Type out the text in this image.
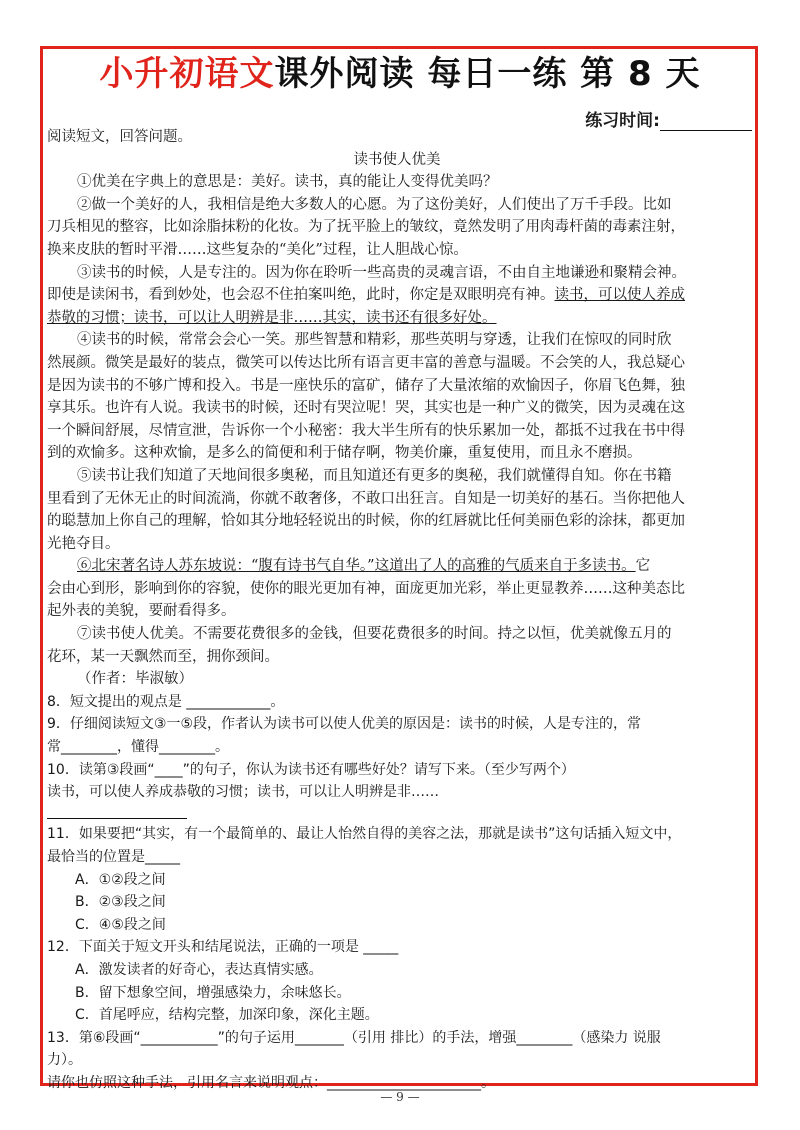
小升初语文课外阅读 每日一练 第 8 天
练习时间:
阅读短文，回答问题。
读书使人优美
①优美在字典上的意思是：美好。读书，真的能让人变得优美吗？
②做一个美好的人，我相信是绝大多数人的心愿。为了这份美好，人们使出了万千手段。比如
刀兵相见的整容，比如涂脂抹粉的化妆。为了抚平脸上的皱纹，竟然发明了用肉毒杆菌的毒素注射，
换来皮肤的暂时平滑……这些复杂的“美化”过程，让人胆战心惊。
③读书的时候，人是专注的。因为你在聆听一些高贵的灵魂言语，不由自主地谦逊和聚精会神。
即使是读闲书，看到妙处，也会忍不住拍案叫绝，此时，你定是双眼明亮有神。读书，可以使人养成
恭敬的习惯；读书，可以让人明辨是非……其实，读书还有很多好处。
④读书的时候，常常会会心一笑。那些智慧和精彩，那些英明与穿透，让我们在惊叹的同时欣
然展颜。微笑是最好的装点，微笑可以传达比所有语言更丰富的善意与温暖。不会笑的人，我总疑心
是因为读书的不够广博和投入。书是一座快乐的富矿，储存了大量浓缩的欢愉因子，你眉飞色舞，独
享其乐。也许有人说。我读书的时候，还时有哭泣呢！哭，其实也是一种广义的微笑，因为灵魂在这
一个瞬间舒展，尽情宣泄，告诉你一个小秘密：我大半生所有的快乐累加一处，都抵不过我在书中得
到的欢愉多。这种欢愉，是多么的简便和利于储存啊，物美价廉，重复使用，而且永不磨损。
⑤读书让我们知道了天地间很多奥秘，而且知道还有更多的奥秘，我们就懂得自知。你在书籍
里看到了无休无止的时间流淌，你就不敢奢侈，不敢口出狂言。自知是一切美好的基石。当你把他人
的聪慧加上你自己的理解，恰如其分地轻轻说出的时候，你的红唇就比任何美丽色彩的涂抹，都更加
光艳夺目。
⑥北宋著名诗人苏东坡说：“腹有诗书气自华。”这道出了人的高雅的气质来自于多读书。它
会由心到形，影响到你的容貌，使你的眼光更加有神，面庞更加光彩，举止更显教养……这种美态比
起外表的美貌，要耐看得多。
⑦读书使人优美。不需要花费很多的金钱，但要花费很多的时间。持之以恒，优美就像五月的
花环，某一天飘然而至，拥你颈间。
（作者：毕淑敏）
8．短文提出的观点是 ____________。
9．仔细阅读短文③一⑤段，作者认为读书可以使人优美的原因是：读书的时候，人是专注的，常
常________，懂得________。
10．读第③段画“____”的句子，你认为读书还有哪些好处？请写下来。（至少写两个）
读书，可以使人养成恭敬的习惯；读书，可以让人明辨是非……
11．如果要把“其实，有一个最简单的、最让人怡然自得的美容之法，那就是读书”这句话插入短文中，
最恰当的位置是_____
A．①②段之间
B．②③段之间
C．④⑤段之间
12．下面关于短文开头和结尾说法，正确的一项是 _____
A．激发读者的好奇心，表达真情实感。
B．留下想象空间，增强感染力，余味悠长。
C．首尾呼应，结构完整，加深印象，深化主题。
13．第⑥段画“___________”的句子运用_______（引用 排比）的手法，增强________（感染力 说服
力）。
请你也仿照这种手法，引用名言来说明观点：______________________。
— 9 —
